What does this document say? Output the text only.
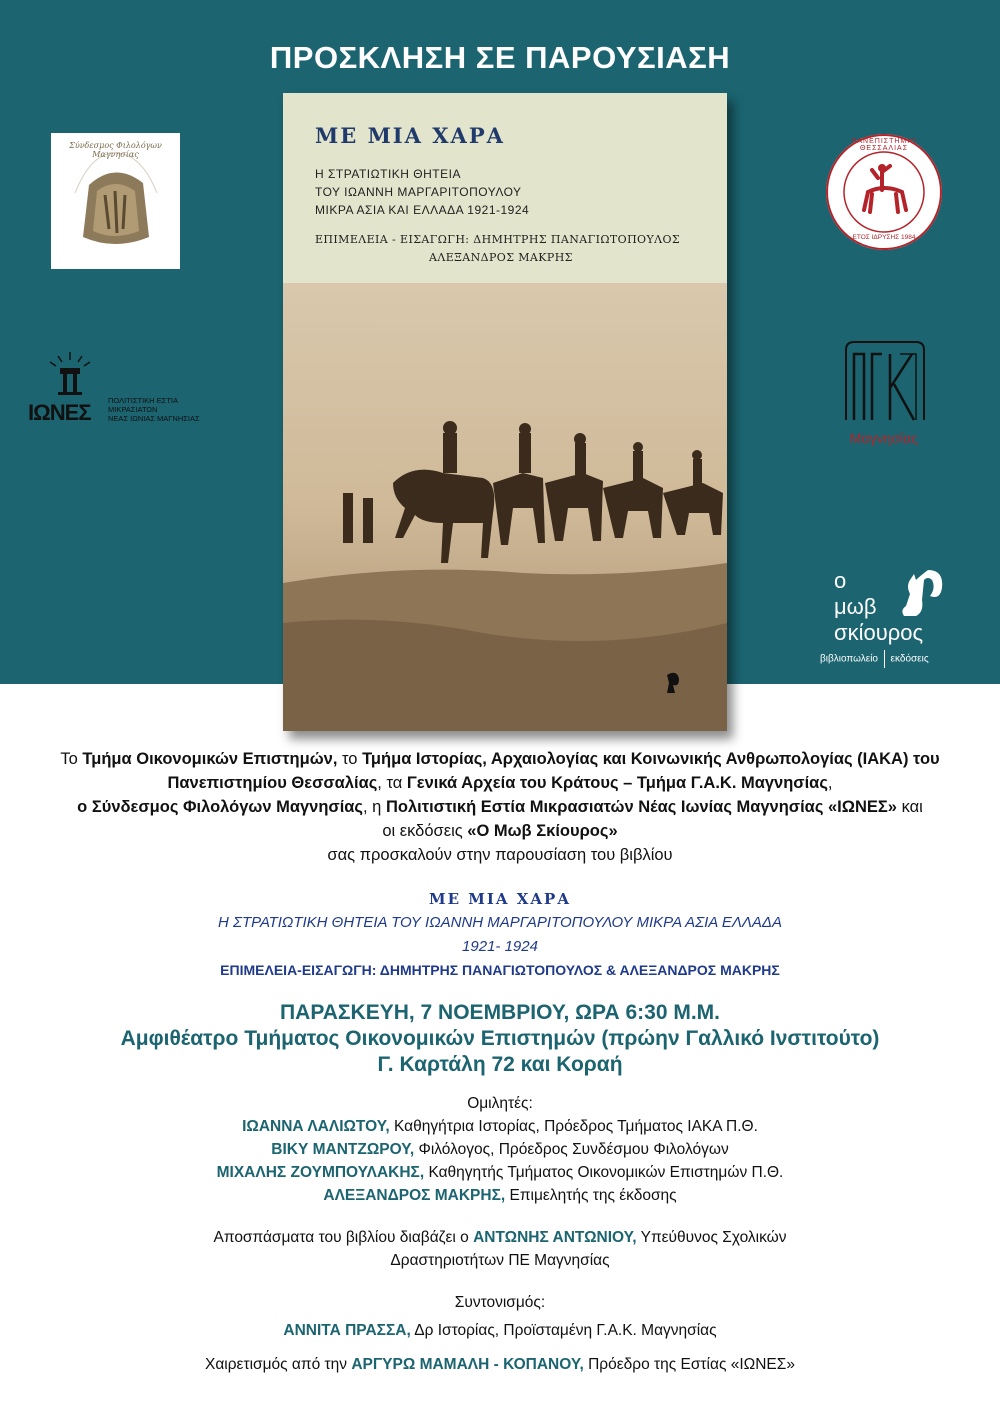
ΠΡΟΣΚΛΗΣΗ ΣΕ ΠΑΡΟΥΣΙΑΣΗ
Σύνδεσμος Φιλολόγων Μαγνησίας
ΙΩΝΕΣ ΠΟΛΙΤΙΣΤΙΚΗ ΕΣΤΙΑ
ΜΙΚΡΑΣΙΑΤΩΝ
ΝΕΑΣ ΙΩΝΙΑΣ ΜΑΓΝΗΣΙΑΣ
ΠΑΝΕΠΙΣΤΗΜΙΟ ΘΕΣΣΑΛΙΑΣ
ΕΤΟΣ ΙΔΡΥΣΗΣ 1984
Μαγνησίας
ο
μωβ
σκίουρος
βιβλιοπωλείο εκδόσεις
ΜΕ ΜΙΑ ΧΑΡΑ
Η ΣΤΡΑΤΙΩΤΙΚΗ ΘΗΤΕΙΑ
ΤΟΥ ΙΩΑΝΝΗ ΜΑΡΓΑΡΙΤΟΠΟΥΛΟΥ
ΜΙΚΡΑ ΑΣΙΑ ΚΑΙ ΕΛΛΑΔΑ 1921-1924
ΕΠΙΜΕΛΕΙΑ - ΕΙΣΑΓΩΓΗ: ΔΗΜΗΤΡΗΣ ΠΑΝΑΓΙΩΤΟΠΟΥΛΟΣ
ΑΛΕΞΑΝΔΡΟΣ ΜΑΚΡΗΣ
Το Τμήμα Οικονομικών Επιστημών, το Τμήμα Ιστορίας, Αρχαιολογίας και Κοινωνικής Ανθρωπολογίας (ΙΑΚΑ) του
Πανεπιστημίου Θεσσαλίας, τα Γενικά Αρχεία του Κράτους – Τμήμα Γ.Α.Κ. Μαγνησίας,
ο Σύνδεσμος Φιλολόγων Μαγνησίας, η Πολιτιστική Εστία Μικρασιατών Νέας Ιωνίας Μαγνησίας «ΙΩΝΕΣ» και
οι εκδόσεις «Ο Μωβ Σκίουρος»
σας προσκαλούν στην παρουσίαση του βιβλίου
ΜΕ ΜΙΑ ΧΑΡΑ
Η ΣΤΡΑΤΙΩΤΙΚΗ ΘΗΤΕΙΑ ΤΟΥ ΙΩΑΝΝΗ ΜΑΡΓΑΡΙΤΟΠΟΥΛΟΥ ΜΙΚΡΑ ΑΣΙΑ ΕΛΛΑΔΑ
1921- 1924
ΕΠΙΜΕΛΕΙΑ-ΕΙΣΑΓΩΓΗ: ΔΗΜΗΤΡΗΣ ΠΑΝΑΓΙΩΤΟΠΟΥΛΟΣ & ΑΛΕΞΑΝΔΡΟΣ ΜΑΚΡΗΣ
ΠΑΡΑΣΚΕΥΗ, 7 ΝΟΕΜΒΡΙΟΥ, ΩΡΑ 6:30 Μ.Μ.
Αμφιθέατρο Τμήματος Οικονομικών Επιστημών (πρώην Γαλλικό Ινστιτούτο)
Γ. Καρτάλη 72 και Κοραή
Ομιλητές:
ΙΩΑΝΝΑ ΛΑΛΙΩΤΟΥ, Καθηγήτρια Ιστορίας, Πρόεδρος Τμήματος ΙΑΚΑ Π.Θ.
ΒΙΚΥ ΜΑΝΤΖΩΡΟΥ, Φιλόλογος, Πρόεδρος Συνδέσμου Φιλολόγων
ΜΙΧΑΛΗΣ ΖΟΥΜΠΟΥΛΑΚΗΣ, Καθηγητής Τμήματος Οικονομικών Επιστημών Π.Θ.
ΑΛΕΞΑΝΔΡΟΣ ΜΑΚΡΗΣ, Επιμελητής της έκδοσης
Αποσπάσματα του βιβλίου διαβάζει ο ΑΝΤΩΝΗΣ ΑΝΤΩΝΙΟΥ, Υπεύθυνος Σχολικών
Δραστηριοτήτων ΠΕ Μαγνησίας
Συντονισμός:
ΑΝΝΙΤΑ ΠΡΑΣΣΑ, Δρ Ιστορίας, Προϊσταμένη Γ.Α.Κ. Μαγνησίας
Χαιρετισμός από την ΑΡΓΥΡΩ ΜΑΜΑΛΗ - ΚΟΠΑΝΟΥ, Πρόεδρο της Εστίας «ΙΩΝΕΣ»
